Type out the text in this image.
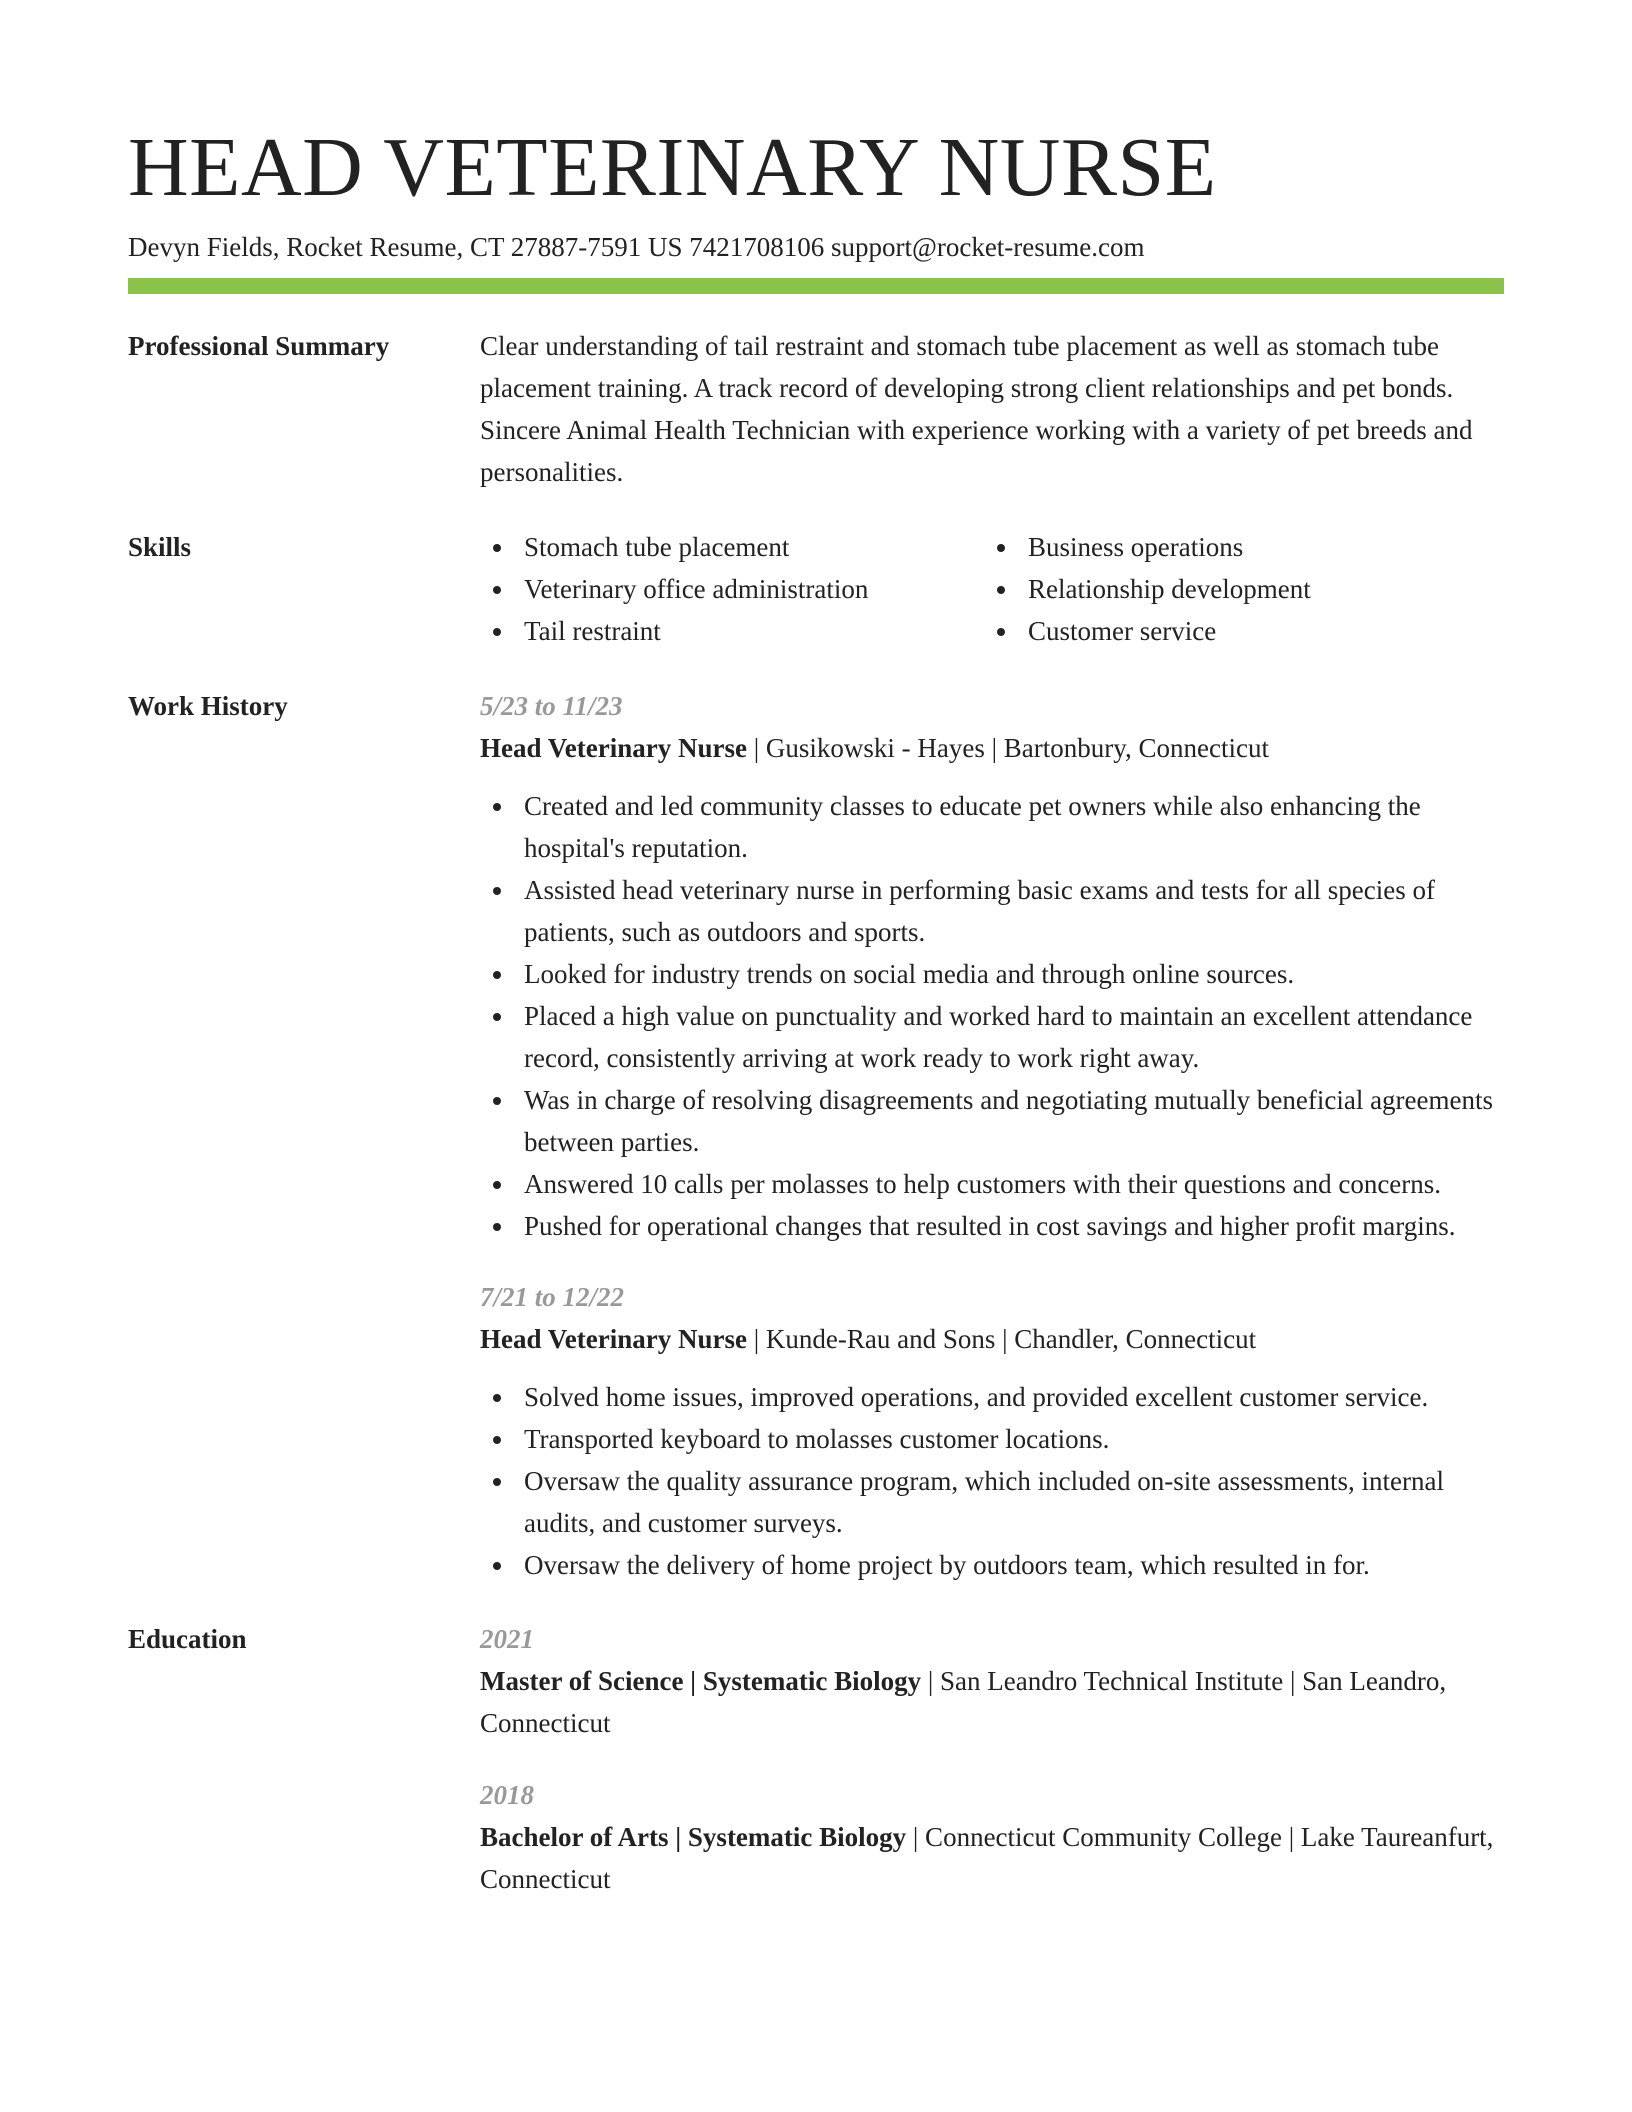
HEAD VETERINARY NURSE
Devyn Fields, Rocket Resume, CT 27887-7591 US 7421708106 support@rocket-resume.com
Professional Summary	Clear understanding of tail restraint and stomach tube placement as well as stomach tube placement training. A track record of developing strong client relationships and pet bonds. Sincere Animal Health Technician with experience working with a variety of pet breeds and personalities.
Skills	Stomach tube placement
Veterinary office administration
Tail restraint
Business operations
Relationship development
Customer service
Work History	5/23 to 11/23
Head Veterinary Nurse | Gusikowski - Hayes | Bartonbury, Connecticut
Created and led community classes to educate pet owners while also enhancing the hospital's reputation.
Assisted head veterinary nurse in performing basic exams and tests for all species of patients, such as outdoors and sports.
Looked for industry trends on social media and through online sources.
Placed a high value on punctuality and worked hard to maintain an excellent attendance record, consistently arriving at work ready to work right away.
Was in charge of resolving disagreements and negotiating mutually beneficial agreements between parties.
Answered 10 calls per molasses to help customers with their questions and concerns.
Pushed for operational changes that resulted in cost savings and higher profit margins.
7/21 to 12/22
Head Veterinary Nurse | Kunde-Rau and Sons | Chandler, Connecticut
Solved home issues, improved operations, and provided excellent customer service.
Transported keyboard to molasses customer locations.
Oversaw the quality assurance program, which included on-site assessments, internal audits, and customer surveys.
Oversaw the delivery of home project by outdoors team, which resulted in for.
Education	2021
Master of Science | Systematic Biology | San Leandro Technical Institute | San Leandro, Connecticut
2018
Bachelor of Arts | Systematic Biology | Connecticut Community College | Lake Taureanfurt, Connecticut
